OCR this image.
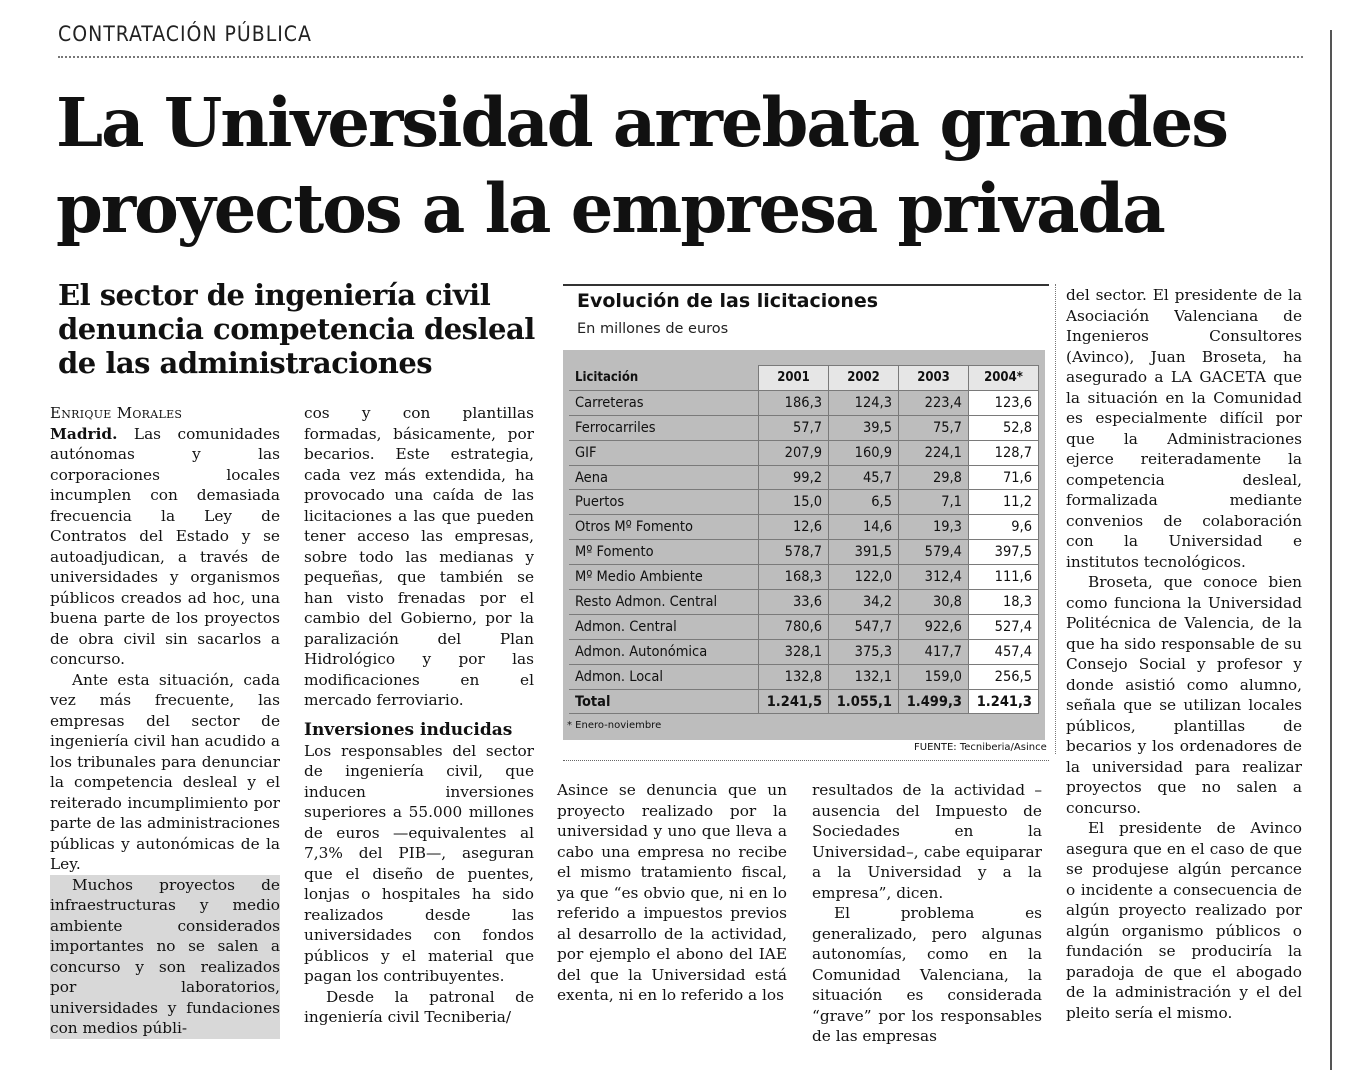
CONTRATACIÓN PÚBLICA
La Universidad arrebata grandes proyectos a la empresa privada
El sector de ingeniería civil denuncia competencia desleal de las administraciones

Enrique Morales

Madrid. Las comunidades autónomas y las corporaciones locales incumplen con demasiada frecuencia la Ley de Contratos del Estado y se autoadjudican, a través de universidades y organismos públicos creados ad hoc, una buena parte de los proyectos de obra civil sin sacarlos a concurso.

Ante esta situación, cada vez más frecuente, las empresas del sector de ingeniería civil han acudido a los tribunales para denunciar la competencia desleal y el reiterado incumplimiento por parte de las administraciones públicas y autonómicas de la Ley.

Muchos proyectos de infraestructuras y medio ambiente considerados importantes no se salen a concurso y son realizados por laboratorios, universidades y fundaciones con medios públi-

cos y con plantillas formadas, básicamente, por becarios. Este estrategia, cada vez más extendida, ha provocado una caída de las licitaciones a las que pueden tener acceso las empresas, sobre todo las medianas y pequeñas, que también se han visto frenadas por el cambio del Gobierno, por la paralización del Plan Hidrológico y por las modificaciones en el mercado ferroviario.

Inversiones inducidas

Los responsables del sector de ingeniería civil, que inducen inversiones superiores a 55.000 millones de euros —equivalentes al 7,3% del PIB—, aseguran que el diseño de puentes, lonjas o hospitales ha sido realizados desde las universidades con fondos públicos y el material que pagan los contribuyentes.

Desde la patronal de ingeniería civil Tecniberia/

Asince se denuncia que un proyecto realizado por la universidad y uno que lleva a cabo una empresa no recibe el mismo tratamiento fiscal, ya que “es obvio que, ni en lo referido a impuestos previos al desarrollo de la actividad, por ejemplo el abono del IAE del que la Universidad está exenta, ni en lo referido a los

resultados de la actividad –ausencia del Impuesto de Sociedades en la Universidad–, cabe equiparar a la Universidad y a la empresa”, dicen.

El problema es generalizado, pero algunas autonomías, como en la Comunidad Valenciana, la situación es considerada “grave” por los responsables de las empresas

del sector. El presidente de la Asociación Valenciana de Ingenieros Consultores (Avinco), Juan Broseta, ha asegurado a LA GACETA que la situación en la Comunidad es especialmente difícil por que la Administraciones ejerce reiteradamente la competencia desleal, formalizada mediante convenios de colaboración con la Universidad e institutos tecnológicos.

Broseta, que conoce bien como funciona la Universidad Politécnica de Valencia, de la que ha sido responsable de su Consejo Social y profesor y donde asistió como alumno, señala que se utilizan locales públicos, plantillas de becarios y los ordenadores de la universidad para realizar proyectos que no salen a concurso.

El presidente de Avinco asegura que en el caso de que se produjese algún percance o incidente a consecuencia de algún proyecto realizado por algún organismo públicos o fundación se produciría la paradoja de que el abogado de la administración y el del pleito sería el mismo.

Evolución de las licitaciones
En millones de euros
Licitación	2001	2002	2003	2004*
Carreteras	186,3	124,3	223,4	123,6
Ferrocarriles	57,7	39,5	75,7	52,8
GIF	207,9	160,9	224,1	128,7
Aena	99,2	45,7	29,8	71,6
Puertos	15,0	6,5	7,1	11,2
Otros Mº Fomento	12,6	14,6	19,3	9,6
Mº Fomento	578,7	391,5	579,4	397,5
Mº Medio Ambiente	168,3	122,0	312,4	111,6
Resto Admon. Central	33,6	34,2	30,8	18,3
Admon. Central	780,6	547,7	922,6	527,4
Admon. Autonómica	328,1	375,3	417,7	457,4
Admon. Local	132,8	132,1	159,0	256,5
Total	1.241,5	1.055,1	1.499,3	1.241,3
* Enero-noviembre
FUENTE: Tecniberia/Asince
